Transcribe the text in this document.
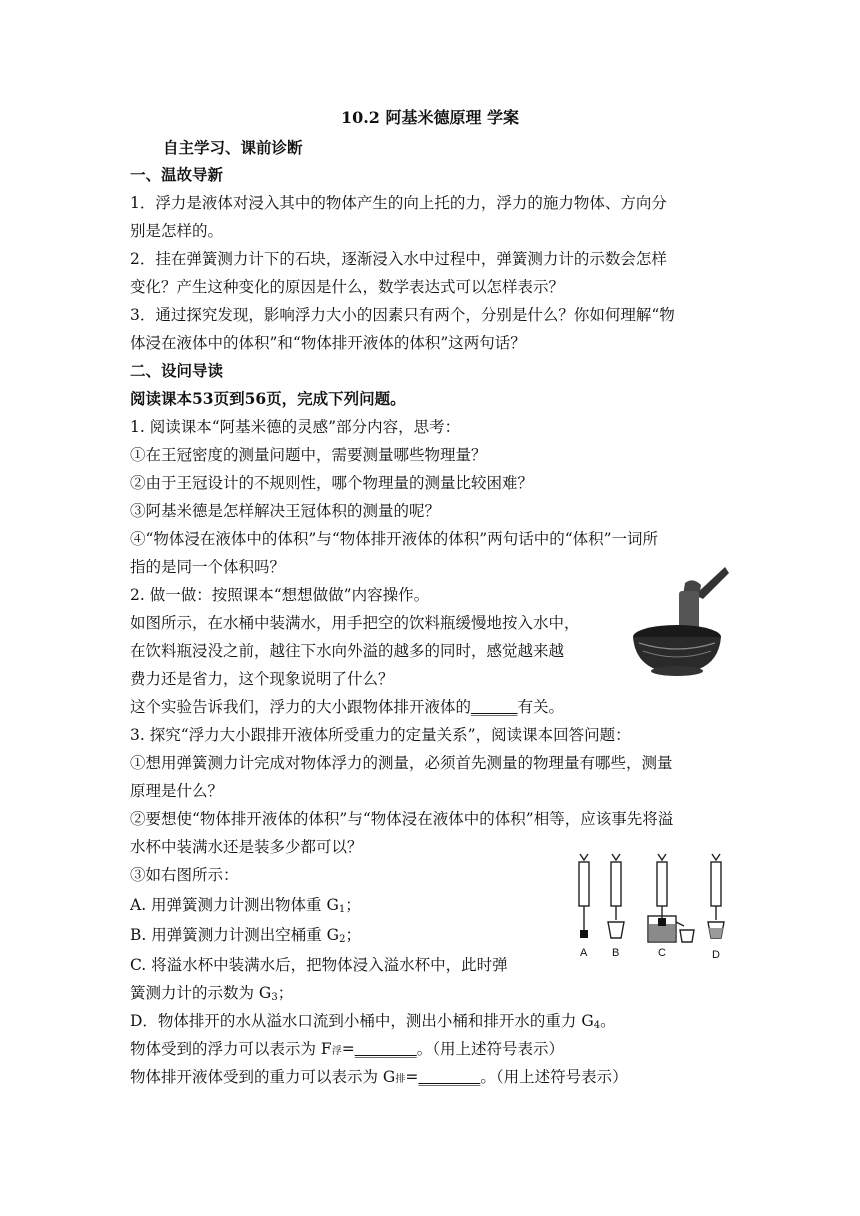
10.2 阿基米德原理 学案
自主学习、课前诊断
一、温故导新
1．浮力是液体对浸入其中的物体产生的向上托的力，浮力的施力物体、方向分
别是怎样的。
2．挂在弹簧测力计下的石块，逐渐浸入水中过程中，弹簧测力计的示数会怎样
变化？产生这种变化的原因是什么，数学表达式可以怎样表示？
3．通过探究发现，影响浮力大小的因素只有两个，分别是什么？你如何理解“物
体浸在液体中的体积”和“物体排开液体的体积”这两句话？
二、设问导读
阅读课本53页到56页，完成下列问题。
1. 阅读课本“阿基米德的灵感”部分内容，思考：
①在王冠密度的测量问题中，需要测量哪些物理量？
②由于王冠设计的不规则性，哪个物理量的测量比较困难？
③阿基米德是怎样解决王冠体积的测量的呢？
④“物体浸在液体中的体积”与“物体排开液体的体积”两句话中的“体积”一词所
指的是同一个体积吗？
2. 做一做：按照课本“想想做做”内容操作。
如图所示，在水桶中装满水，用手把空的饮料瓶缓慢地按入水中，
在饮料瓶浸没之前，越往下水向外溢的越多的同时，感觉越来越
费力还是省力，这个现象说明了什么？
这个实验告诉我们，浮力的大小跟物体排开液体的______有关。
3. 探究“浮力大小跟排开液体所受重力的定量关系”，阅读课本回答问题：
①想用弹簧测力计完成对物体浮力的测量，必须首先测量的物理量有哪些，测量
原理是什么？
②要想使“物体排开液体的体积”与“物体浸在液体中的体积”相等，应该事先将溢
水杯中装满水还是装多少都可以？
③如右图所示：
A. 用弹簧测力计测出物体重 $G_1$；
B. 用弹簧测力计测出空桶重 $G_2$；
C. 将溢水杯中装满水后，把物体浸入溢水杯中，此时弹
簧测力计的示数为 $G_3$；
D．物体排开的水从溢水口流到小桶中，测出小桶和排开水的重力 $G_4$。
物体受到的浮力可以表示为 F浮=________。（用上述符号表示）
物体排开液体受到的重力可以表示为 G排=________。（用上述符号表示）
A B	C	D
